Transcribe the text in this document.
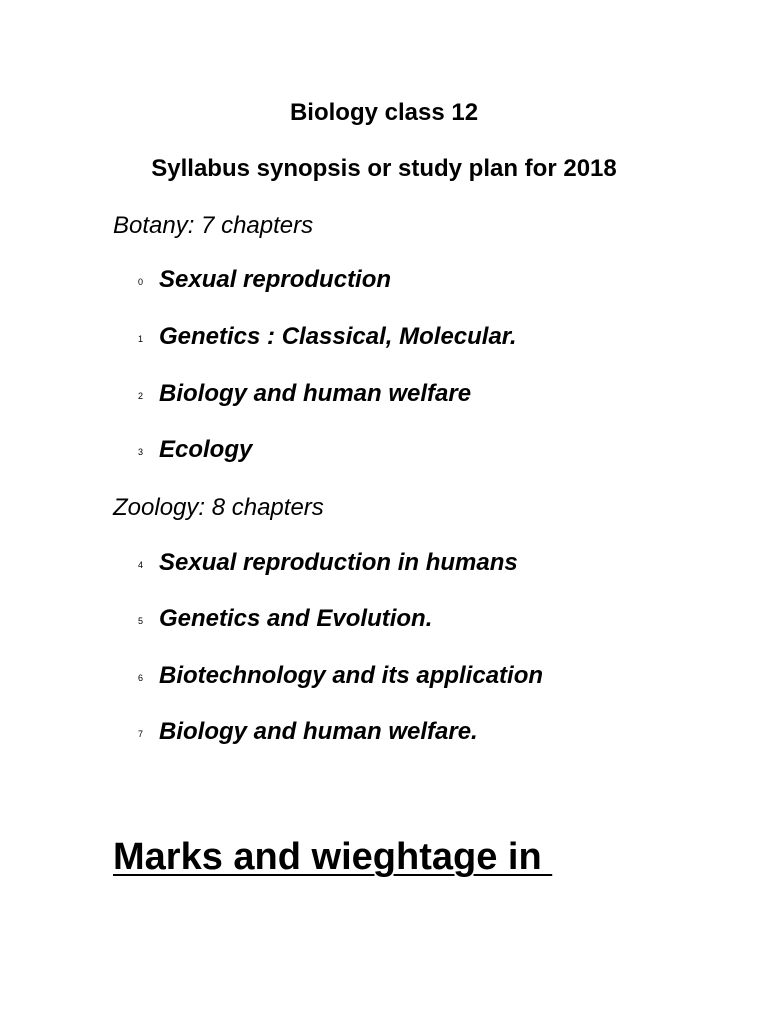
Biology class 12
Syllabus synopsis or study plan for 2018
Botany: 7 chapters
0 Sexual reproduction
1 Genetics : Classical, Molecular.
2 Biology and human welfare
3 Ecology
Zoology: 8 chapters
4 Sexual reproduction in humans
5 Genetics and Evolution.
6 Biotechnology and its application
7 Biology and human welfare.
Marks and wieghtage in
